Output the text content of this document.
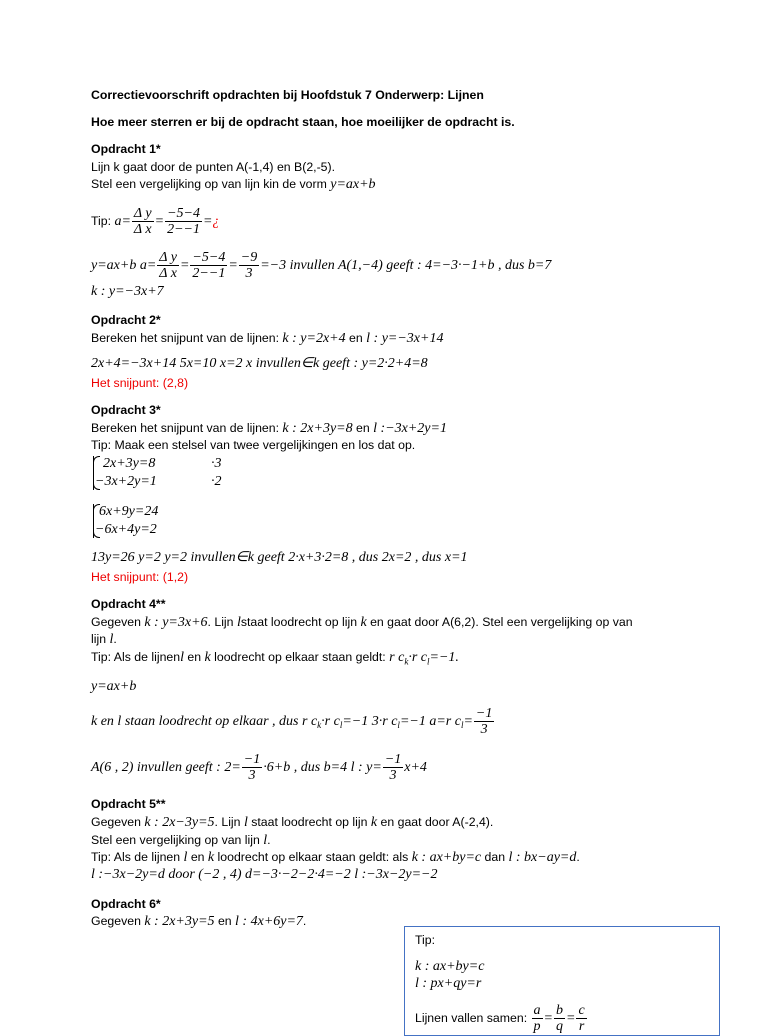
Correctievoorschrift opdrachten bij Hoofdstuk 7 Onderwerp: Lijnen
Hoe meer sterren er bij de opdracht staan, hoe moeilijker de opdracht is.
Opdracht 1*
Lijn k gaat door de punten A(-1,4) en B(2,-5).
Stel een vergelijking op van lijn kin de vorm y=ax+b
Tip: $a= \frac{\text{Δ y}}{\text{Δ x}} = \frac{-5-4}{2--1}$ =¿
y=ax+b $a= \frac{\text{Δ y}}{\text{Δ x}} = \frac{-5-4}{2--1} = \frac{-9}{3} =-3$ invullen A(1,−4) geeft : 4=−3·−1+b , dus b=7
k : y=−3x+7
Opdracht 2*
Bereken het snijpunt van de lijnen: k : y=2x+4 en l : y=−3x+14
2x+4=−3x+14 5x=10 x=2 x invullen∈k geeft : y=2·2+4=8
Het snijpunt: (2,8)
Opdracht 3*
Bereken het snijpunt van de lijnen: k : 2x+3y=8 en l :−3x+2y=1
Tip: Maak een stelsel van twee vergelijkingen en los dat op.
2x+3y=8	·3
−3x+2y=1	·2
6x+9y=24
−6x+4y=2
13y=26 y=2 y=2 invullen∈k geeft 2·x+3·2=8 , dus 2x=2 , dus x=1
Het snijpunt: (1,2)
Opdracht 4**
Gegeven k : y=3x+6. Lijn lstaat loodrecht op lijn k en gaat door A(6,2). Stel een vergelijking op van
lijn l.
Tip: Als de lijnenl en k loodrecht op elkaar staan geldt: r $c_k\cdot r$ $c_l=-1$.
y=ax+b
k en l staan loodrecht op elkaar , dus r $c_k\cdot r$ $c_l=-1$ 3·r $c_l=-1$ a=r $c_l= \frac{-1}{3}$
A(6 , 2) invullen geeft : $2= \frac{-1}{3} \cdot 6+b$ , dus b=4 l : $y= \frac{-1}{3} x+4$
Opdracht 5**
Gegeven k : 2x−3y=5. Lijn l staat loodrecht op lijn k en gaat door A(-2,4).
Stel een vergelijking op van lijn l.
Tip: Als de lijnen l en k loodrecht op elkaar staan geldt: als k : ax+by=c dan l : bx−ay=d.
l :−3x−2y=d door (−2 , 4) d=−3·−2−2·4=−2 l :−3x−2y=−2
Opdracht 6*
Gegeven k : 2x+3y=5 en l : 4x+6y=7.
Tip:
k : ax+by=c
l : px+qy=r
Lijnen vallen samen: $\frac{a}{p} = \frac{b}{q} = \frac{c}{r}$
